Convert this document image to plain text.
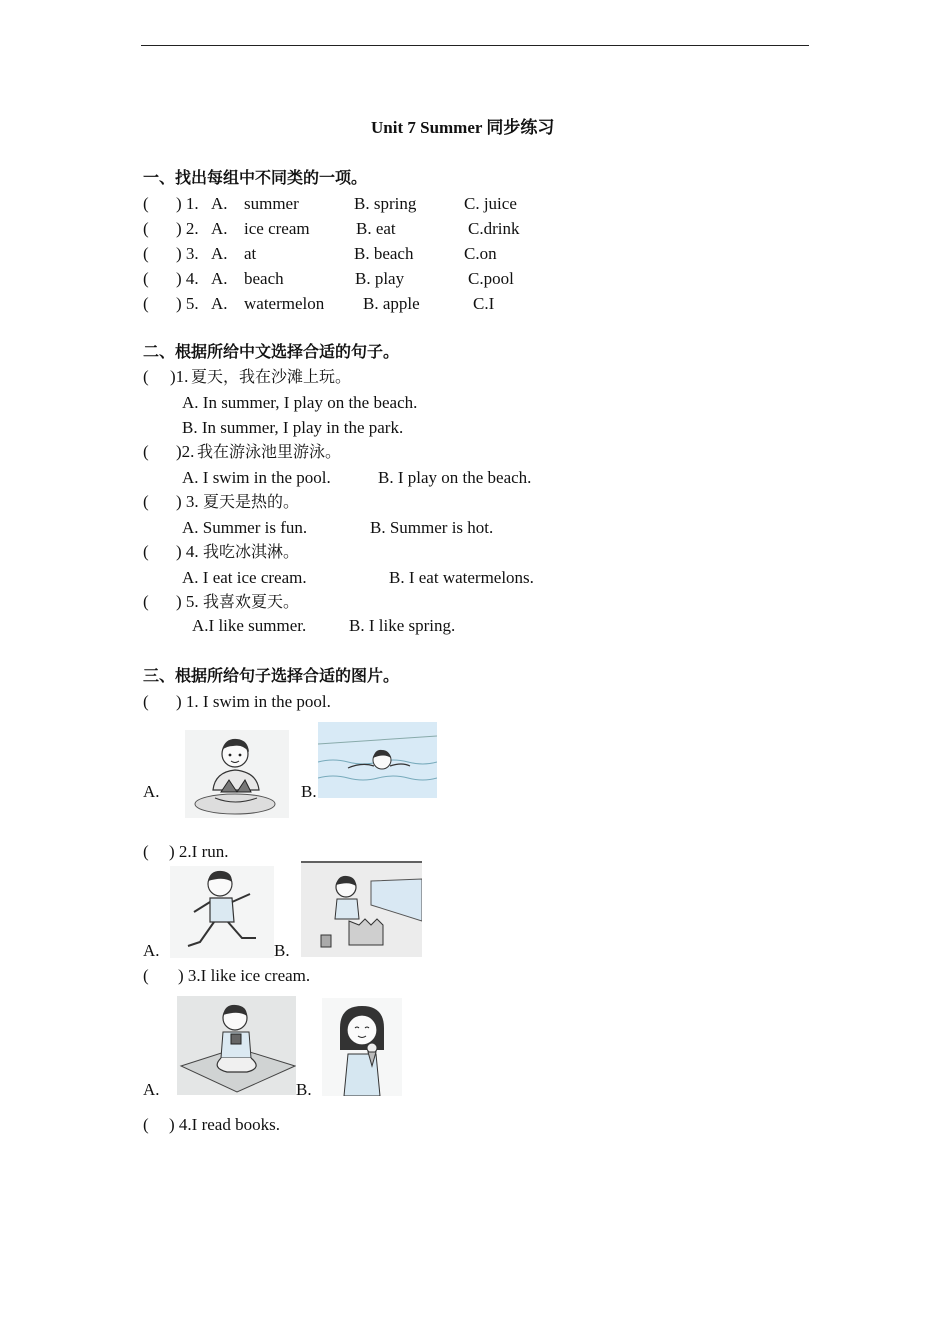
Unit 7 Summer 同步练习
一、找出每组中不同类的一项。
( ) 1. A. summer	B. spring	C. juice
( ) 2. A. ice cream	B. eat	C.drink
( ) 3. A. at	B. beach	C.on
( ) 4. A. beach	B. play	C.pool
( ) 5. A. watermelon B. apple	C.I
二、根据所给中文选择合适的句子。
( )1. 夏天，我在沙滩上玩。
A. In summer, I play on the beach.
B. In summer, I play in the park.
( )2. 我在游泳池里游泳。
A. I swim in the pool.	B. I play on the beach.
( ) 3. 夏天是热的。
A. Summer is fun.	B. Summer is hot.
( ) 4. 我吃冰淇淋。
A. I eat ice cream.	B. I eat watermelons.
( ) 5. 我喜欢夏天。
A.I like summer.	B. I like spring.
三、根据所给句子选择合适的图片。
( ) 1. I swim in the pool.
A.	B.
( ) 2.I run.
A.	B.
( ) 3.I like ice cream.
A.	B.
( ) 4.I read books.
